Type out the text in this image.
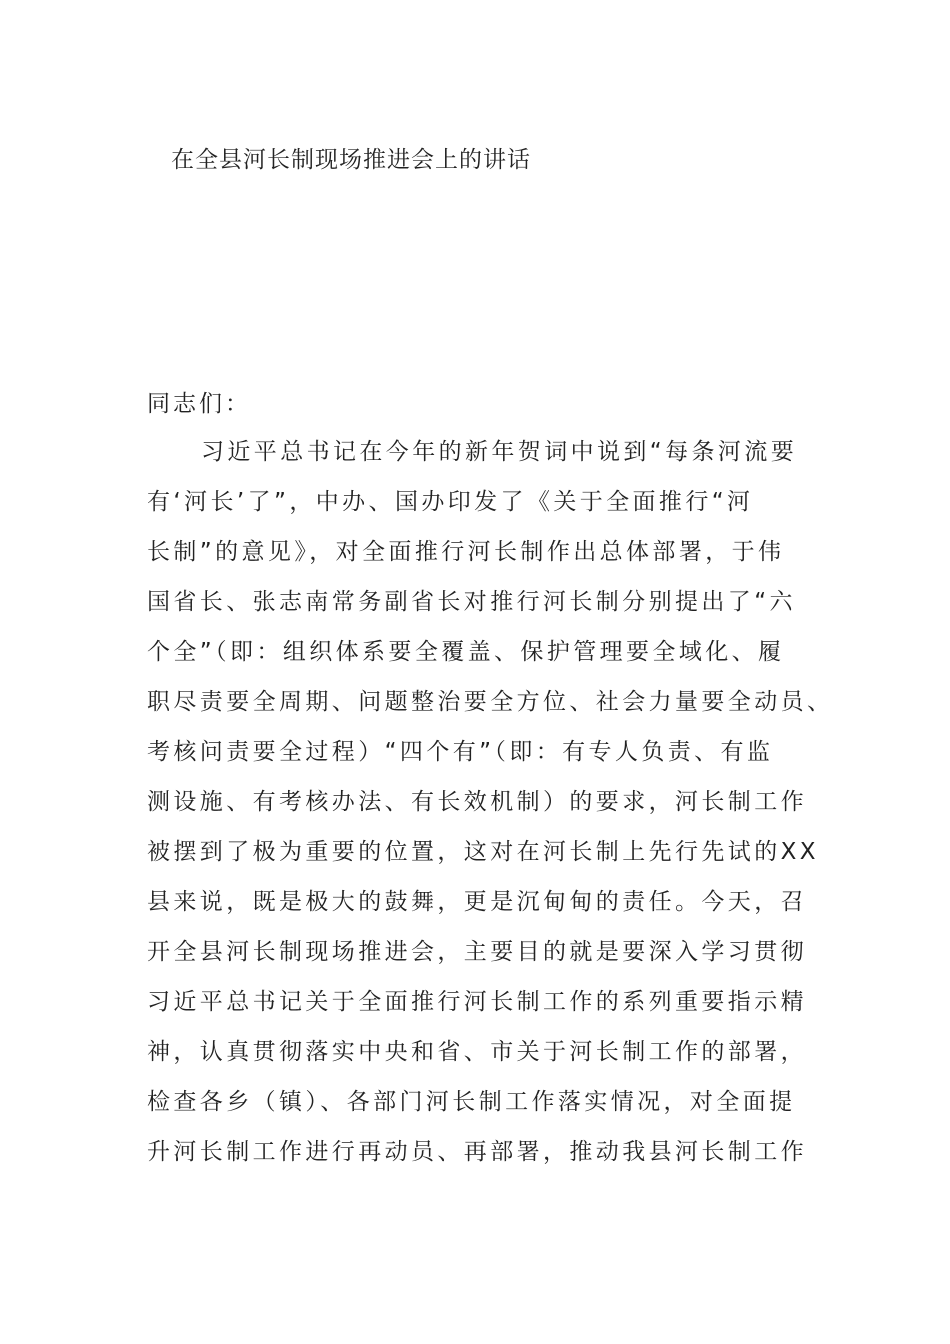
在全县河长制现场推进会上的讲话
同志们：
习近平总书记在今年的新年贺词中说到“每条河流要
有‘河长’了”，中办、国办印发了《关于全面推行“河
长制”的意见》，对全面推行河长制作出总体部署，于伟
国省长、张志南常务副省长对推行河长制分别提出了“六
个全”（即：组织体系要全覆盖、保护管理要全域化、履
职尽责要全周期、问题整治要全方位、社会力量要全动员、
考核问责要全过程）“四个有”（即：有专人负责、有监
测设施、有考核办法、有长效机制）的要求，河长制工作
被摆到了极为重要的位置，这对在河长制上先行先试的XX
县来说，既是极大的鼓舞，更是沉甸甸的责任。今天，召
开全县河长制现场推进会，主要目的就是要深入学习贯彻
习近平总书记关于全面推行河长制工作的系列重要指示精
神，认真贯彻落实中央和省、市关于河长制工作的部署，
检查各乡（镇）、各部门河长制工作落实情况，对全面提
升河长制工作进行再动员、再部署，推动我县河长制工作
